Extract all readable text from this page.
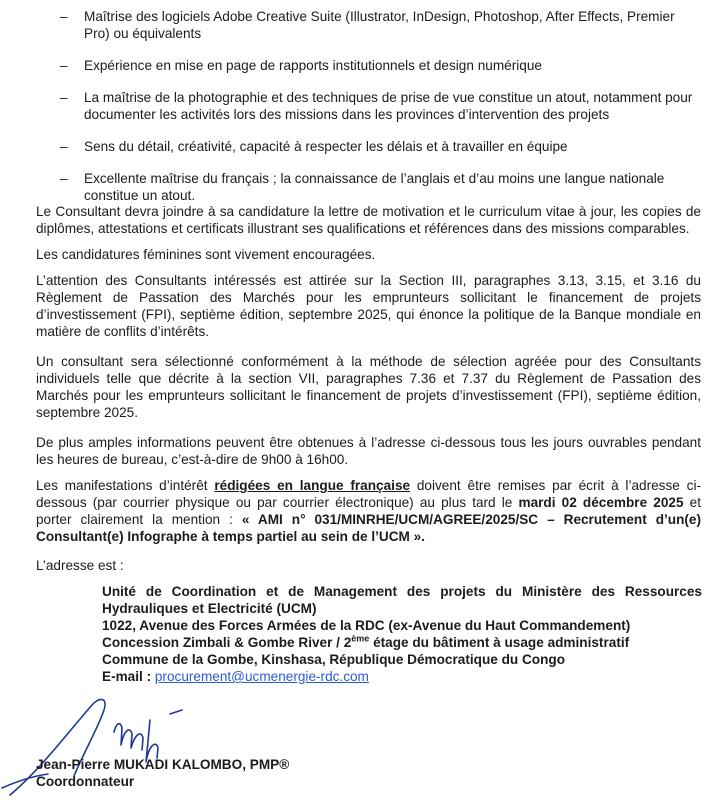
– Maîtrise des logiciels Adobe Creative Suite (Illustrator, InDesign, Photoshop, After Effects, Premier Pro) ou équivalents
– Expérience en mise en page de rapports institutionnels et design numérique
– La maîtrise de la photographie et des techniques de prise de vue constitue un atout, notamment pour documenter les activités lors des missions dans les provinces d’intervention des projets
– Sens du détail, créativité, capacité à respecter les délais et à travailler en équipe
– Excellente maîtrise du français ; la connaissance de l’anglais et d’au moins une langue nationale constitue un atout.

Le Consultant devra joindre à sa candidature la lettre de motivation et le curriculum vitae à jour, les copies de diplômes, attestations et certificats illustrant ses qualifications et références dans des missions comparables.

Les candidatures féminines sont vivement encouragées.

L’attention des Consultants intéressés est attirée sur la Section III, paragraphes 3.13, 3.15, et 3.16 du Règlement de Passation des Marchés pour les emprunteurs sollicitant le financement de projets d’investissement (FPI), septième édition, septembre 2025, qui énonce la politique de la Banque mondiale en matière de conflits d’intérêts.

Un consultant sera sélectionné conformément à la méthode de sélection agréée pour des Consultants individuels telle que décrite à la section VII, paragraphes 7.36 et 7.37 du Règlement de Passation des Marchés pour les emprunteurs sollicitant le financement de projets d’investissement (FPI), septième édition, septembre 2025.

De plus amples informations peuvent être obtenues à l’adresse ci-dessous tous les jours ouvrables pendant les heures de bureau, c’est-à-dire de 9h00 à 16h00.

Les manifestations d’intérêt rédigées en langue française doivent être remises par écrit à l’adresse ci-dessous (par courrier physique ou par courrier électronique) au plus tard le mardi 02 décembre 2025 et porter clairement la mention : « AMI n° 031/MINRHE/UCM/AGREE/2025/SC – Recrutement d’un(e) Consultant(e) Infographe à temps partiel au sein de l’UCM ».

L’adresse est :

Unité de Coordination et de Management des projets du Ministère des Ressources
Hydrauliques et Electricité (UCM)
1022, Avenue des Forces Armées de la RDC (ex-Avenue du Haut Commandement)
Concession Zimbali & Gombe River / 2ème étage du bâtiment à usage administratif
Commune de la Gombe, Kinshasa, République Démocratique du Congo
E-mail : procurement@ucmenergie-rdc.com
Jean-Pierre MUKADI KALOMBO, PMP®
Coordonnateur
